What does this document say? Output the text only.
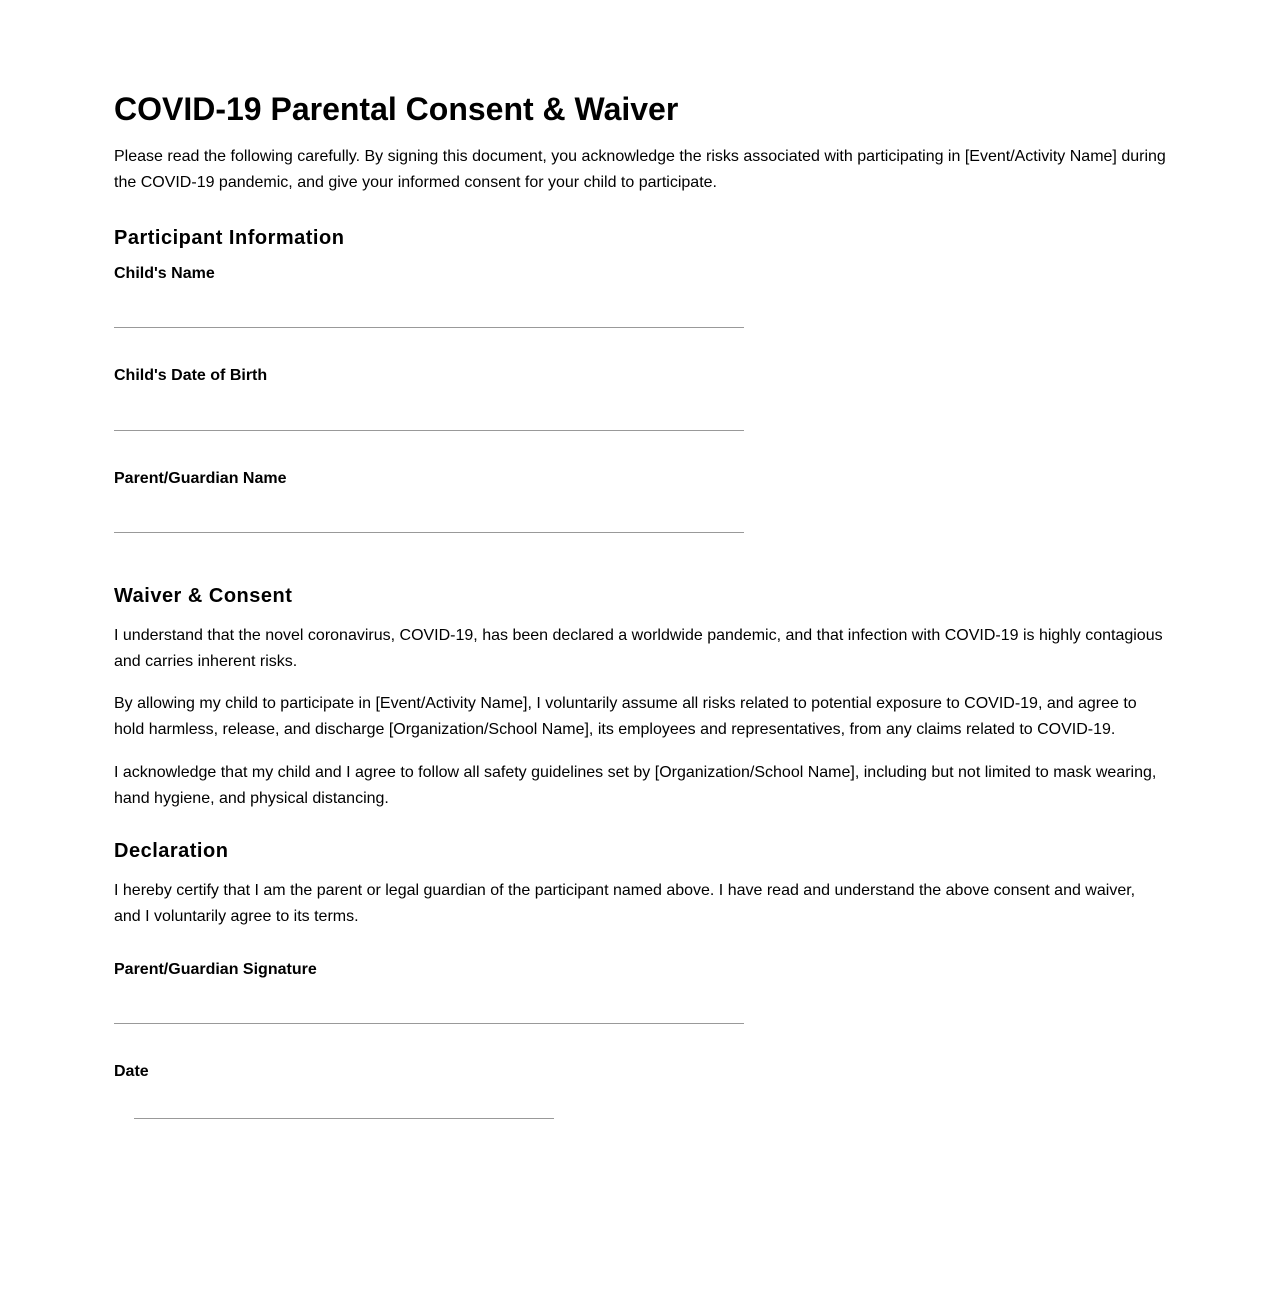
COVID-19 Parental Consent & Waiver

Please read the following carefully. By signing this document, you acknowledge the risks associated with participating in [Event/Activity Name] during the COVID-19 pandemic, and give your informed consent for your child to participate.

Participant Information
Child's Name
Child's Date of Birth
Parent/Guardian Name
Waiver & Consent

I understand that the novel coronavirus, COVID-19, has been declared a worldwide pandemic, and that infection with COVID-19 is highly contagious and carries inherent risks.

By allowing my child to participate in [Event/Activity Name], I voluntarily assume all risks related to potential exposure to COVID-19, and agree to hold harmless, release, and discharge [Organization/School Name], its employees and representatives, from any claims related to COVID-19.

I acknowledge that my child and I agree to follow all safety guidelines set by [Organization/School Name], including but not limited to mask wearing, hand hygiene, and physical distancing.

Declaration

I hereby certify that I am the parent or legal guardian of the participant named above. I have read and understand the above consent and waiver, and I voluntarily agree to its terms.

Parent/Guardian Signature
Date
